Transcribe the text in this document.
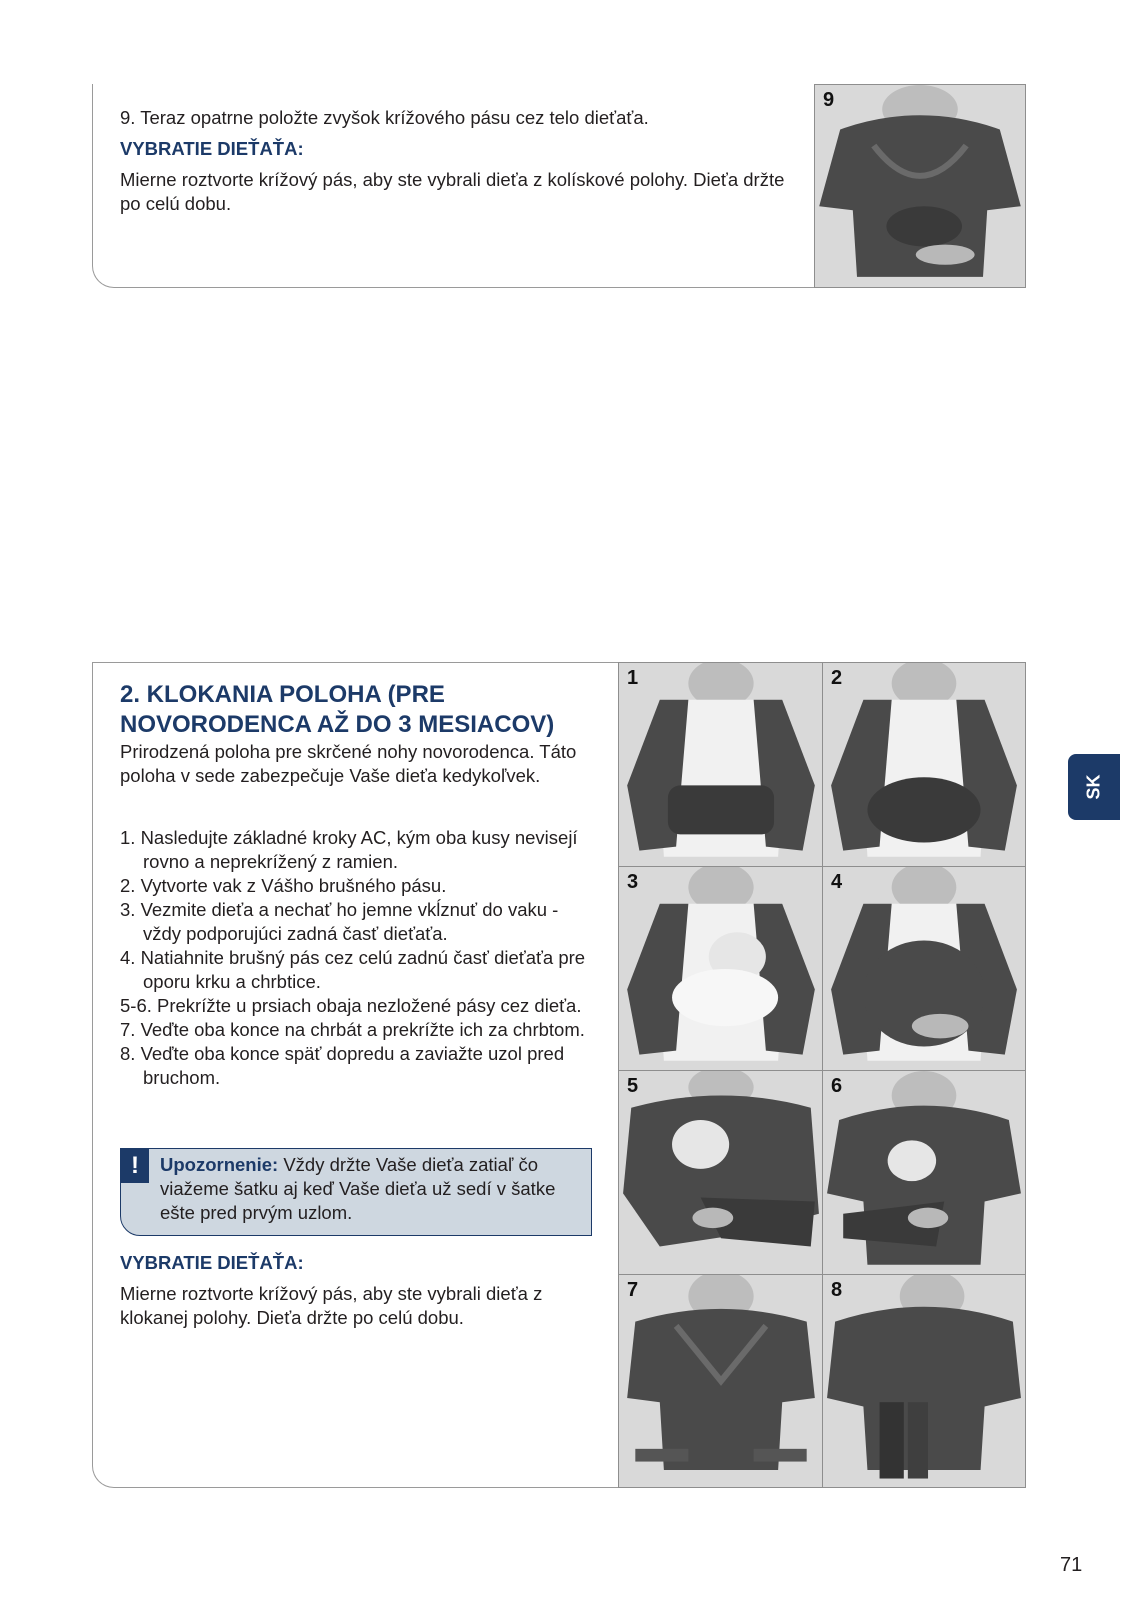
9. Teraz opatrne položte zvyšok krížového pásu cez telo dieťaťa.
VYBRATIE DIEŤAŤA:
Mierne roztvorte krížový pás, aby ste vybrali dieťa z kolískové polohy. Dieťa držte po celú dobu.
9
2. KLOKANIA POLOHA (PRE
NOVORODENCA AŽ DO 3 MESIACOV)
Prirodzená poloha pre skrčené nohy novorodenca. Táto poloha v sede zabezpečuje Vaše dieťa kedykoľvek.
1. Nasledujte základné kroky AC, kým oba kusy nevisejí rovno a neprekrížený z ramien.
2. Vytvorte vak z Vášho brušného pásu.
3. Vezmite dieťa a nechať ho jemne vkĺznuť do vaku - vždy podporujúci zadná časť dieťaťa.
4. Natiahnite brušný pás cez celú zadnú časť dieťaťa pre oporu krku a chrbtice.
5-6. Prekrížte u prsiach obaja nezložené pásy cez dieťa.
7. Veďte oba konce na chrbát a prekrížte ich za chrbtom.
8. Veďte oba konce späť dopredu a zaviažte uzol pred bruchom.
!	Upozornenie: Vždy držte Vaše dieťa zatiaľ čo viažeme šatku aj keď Vaše dieťa už sedí v šatke ešte pred prvým uzlom.
VYBRATIE DIEŤAŤA:
Mierne roztvorte krížový pás, aby ste vybrali dieťa z klokanej polohy. Dieťa držte po celú dobu.
1	2
3	4
5	6
7	8
SK
71
